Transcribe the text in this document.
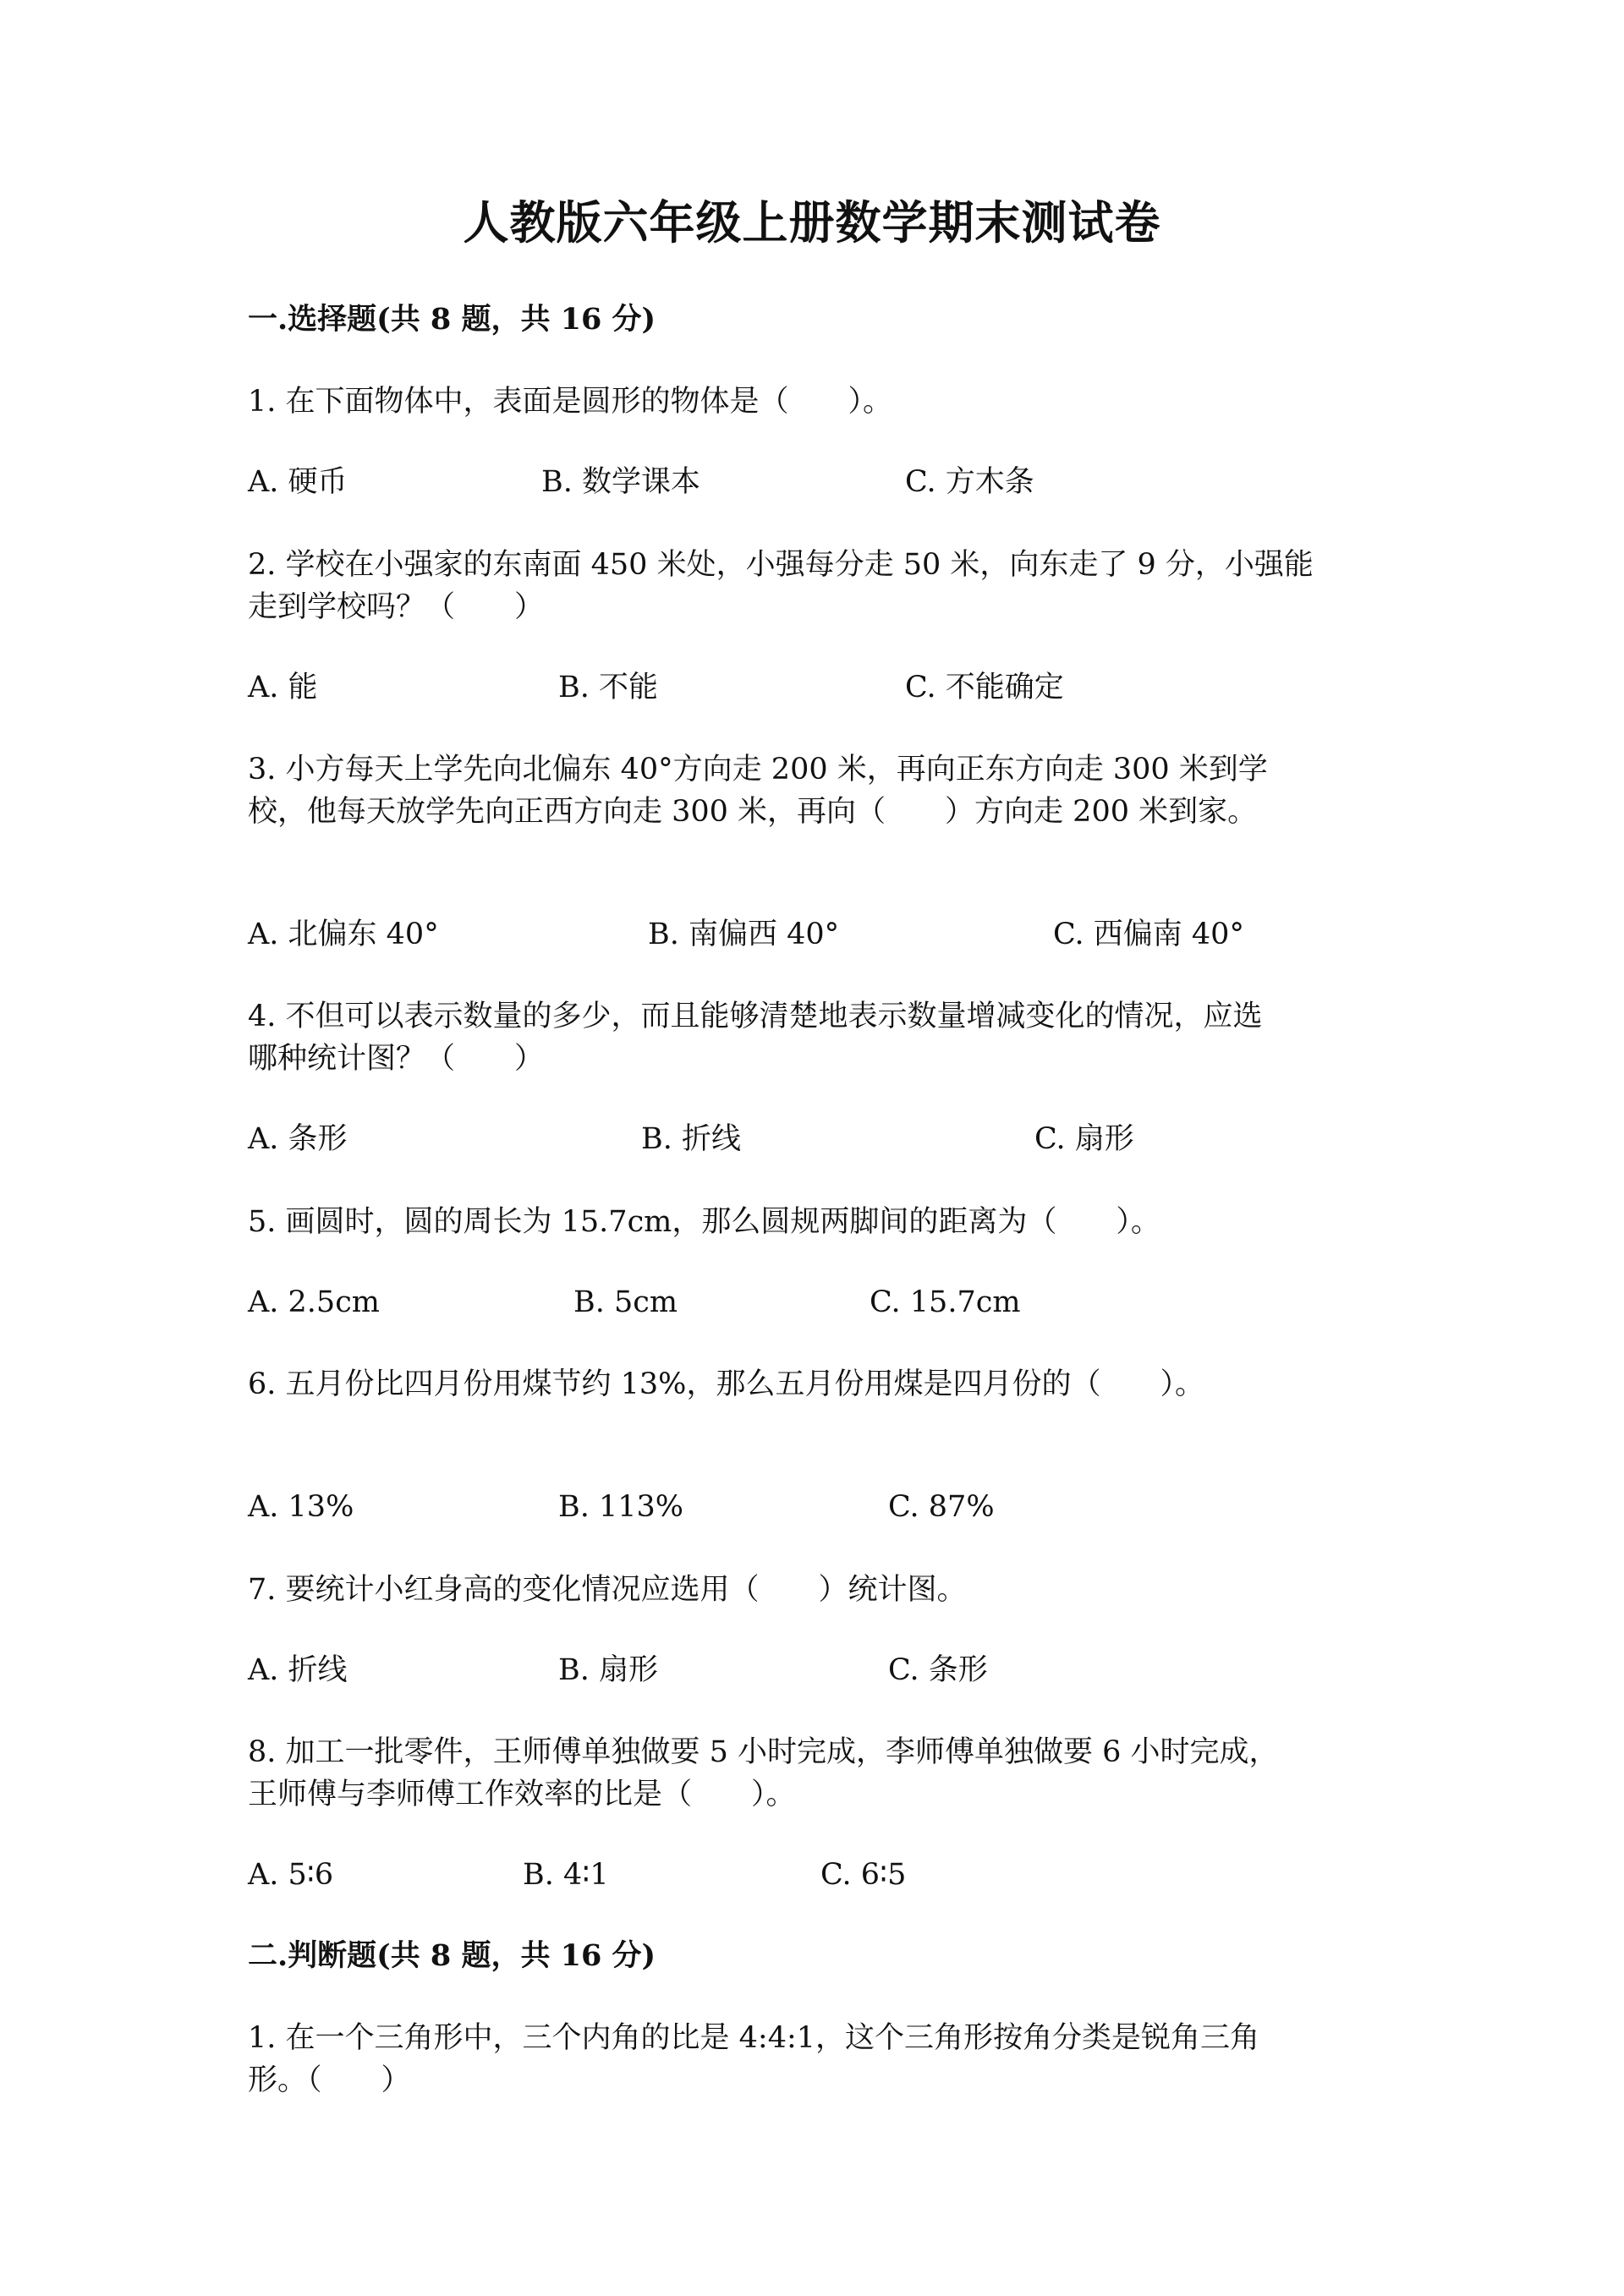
人教版六年级上册数学期末测试卷
一.选择题(共 8 题，共 16 分)
1. 在下面物体中，表面是圆形的物体是（　　）。
A. 硬币	B. 数学课本	C. 方木条
2. 学校在小强家的东南面 450 米处，小强每分走 50 米，向东走了 9 分，小强能
走到学校吗？（　　）
A. 能	B. 不能	C. 不能确定
3. 小方每天上学先向北偏东 40°方向走 200 米，再向正东方向走 300 米到学
校，他每天放学先向正西方向走 300 米，再向（　　）方向走 200 米到家。
A. 北偏东 40°	B. 南偏西 40°	C. 西偏南 40°
4. 不但可以表示数量的多少，而且能够清楚地表示数量增减变化的情况，应选
哪种统计图？（　　）
A. 条形	B. 折线	C. 扇形
5. 画圆时，圆的周长为 15.7cm，那么圆规两脚间的距离为（　　）。
A. 2.5cm	B. 5cm	C. 15.7cm
6. 五月份比四月份用煤节约 13%，那么五月份用煤是四月份的（　　）。
A. 13%	B. 113%	C. 87%
7. 要统计小红身高的变化情况应选用（　　）统计图。
A. 折线	B. 扇形	C. 条形
8. 加工一批零件，王师傅单独做要 5 小时完成，李师傅单独做要 6 小时完成，
王师傅与李师傅工作效率的比是（　　）。
A. 5∶6	B. 4∶1	C. 6∶5
二.判断题(共 8 题，共 16 分)
1. 在一个三角形中，三个内角的比是 4:4:1，这个三角形按角分类是锐角三角
形。（　　）
